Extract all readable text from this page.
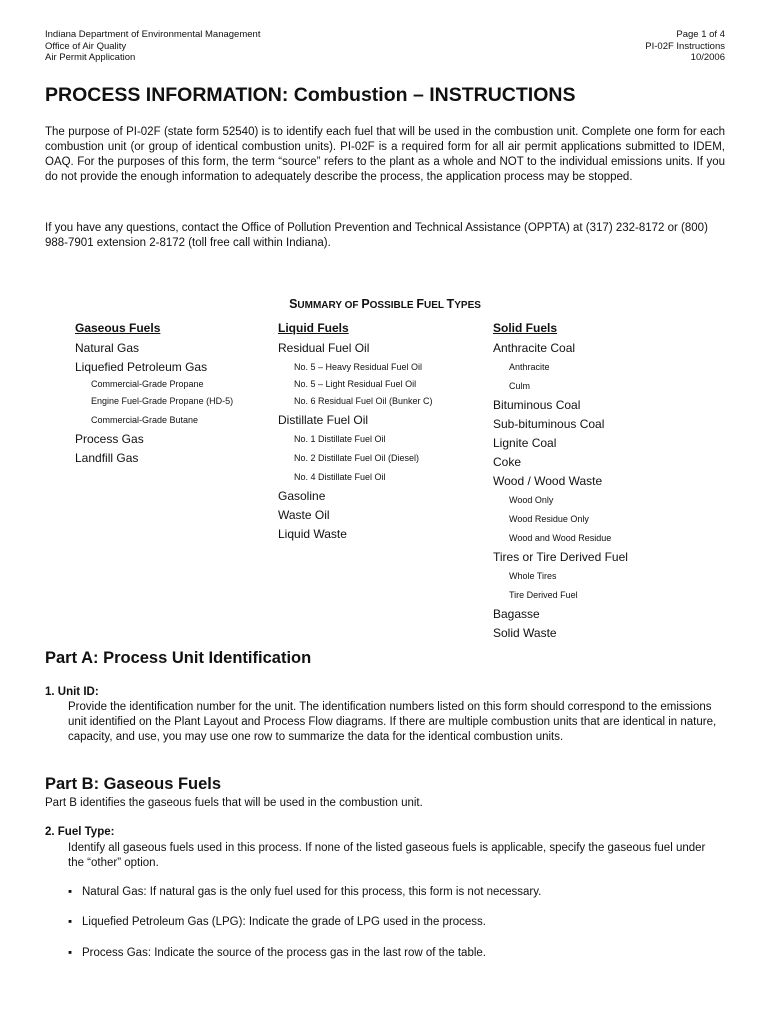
Indiana Department of Environmental Management
Office of Air Quality
Air Permit Application
Page 1 of 4
PI-02F Instructions
10/2006
PROCESS INFORMATION: Combustion – INSTRUCTIONS

The purpose of PI-02F (state form 52540) is to identify each fuel that will be used in the combustion unit. Complete one form for each combustion unit (or group of identical combustion units). PI-02F is a required form for all air permit applications submitted to IDEM, OAQ. For the purposes of this form, the term “source” refers to the plant as a whole and NOT to the individual emissions units. If you do not provide the enough information to adequately describe the process, the application process may be stopped.

If you have any questions, contact the Office of Pollution Prevention and Technical Assistance (OPPTA) at (317) 232-8172 or (800) 988-7901 extension 2-8172 (toll free call within Indiana).

SUMMARY OF POSSIBLE FUEL TYPES
Gaseous Fuels
Natural Gas
Liquefied Petroleum Gas
Commercial-Grade Propane
Engine Fuel-Grade Propane (HD-5)
Commercial-Grade Butane
Process Gas
Landfill Gas
Liquid Fuels
Residual Fuel Oil
No. 5 – Heavy Residual Fuel Oil
No. 5 – Light Residual Fuel Oil
No. 6 Residual Fuel Oil (Bunker C)
Distillate Fuel Oil
No. 1 Distillate Fuel Oil
No. 2 Distillate Fuel Oil (Diesel)
No. 4 Distillate Fuel Oil
Gasoline
Waste Oil
Liquid Waste
Solid Fuels
Anthracite Coal
Anthracite
Culm
Bituminous Coal
Sub-bituminous Coal
Lignite Coal
Coke
Wood / Wood Waste
Wood Only
Wood Residue Only
Wood and Wood Residue
Tires or Tire Derived Fuel
Whole Tires
Tire Derived Fuel
Bagasse
Solid Waste
Part A: Process Unit Identification
1. Unit ID:

Provide the identification number for the unit. The identification numbers listed on this form should correspond to the emissions unit identified on the Plant Layout and Process Flow diagrams. If there are multiple combustion units that are identical in nature, capacity, and use, you may use one row to summarize the data for the identical combustion units.

Part B: Gaseous Fuels

Part B identifies the gaseous fuels that will be used in the combustion unit.

2. Fuel Type:

Identify all gaseous fuels used in this process. If none of the listed gaseous fuels is applicable, specify the gaseous fuel under the “other” option.

▪ Natural Gas: If natural gas is the only fuel used for this process, this form is not necessary.
▪ Liquefied Petroleum Gas (LPG): Indicate the grade of LPG used in the process.
▪ Process Gas: Indicate the source of the process gas in the last row of the table.
